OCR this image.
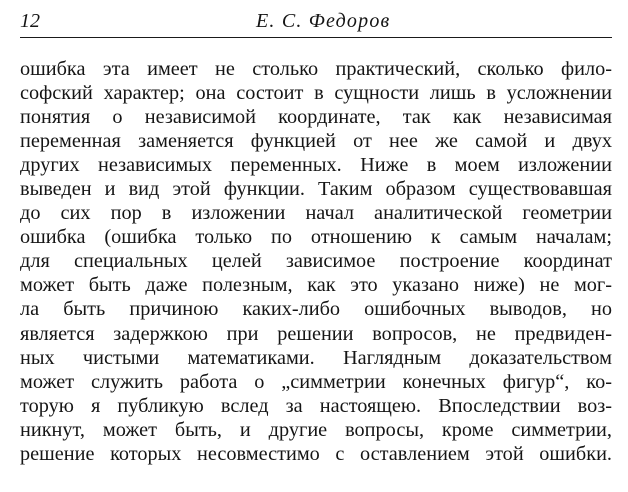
12	Е. С. Федоров
ошибка эта имеет не столько практический, сколько фило-
софский характер; она состоит в сущности лишь в усложнении
понятия о независимой координате, так как независимая
переменная заменяется функцией от нее же самой и двух
других независимых переменных. Ниже в моем изложении
выведен и вид этой функции. Таким образом существовавшая
до сих пор в изложении начал аналитической геометрии
ошибка (ошибка только по отношению к самым началам;
для специальных целей зависимое построение координат
может быть даже полезным, как это указано ниже) не мог-
ла быть причиною каких-либо ошибочных выводов, но
является задержкою при решении вопросов, не предвиден-
ных чистыми математиками. Наглядным доказательством
может служить работа о „симметрии конечных фигур“, ко-
торую я публикую вслед за настоящею. Впоследствии воз-
никнут, может быть, и другие вопросы, кроме симметрии,
решение которых несовместимо с оставлением этой ошибки.
